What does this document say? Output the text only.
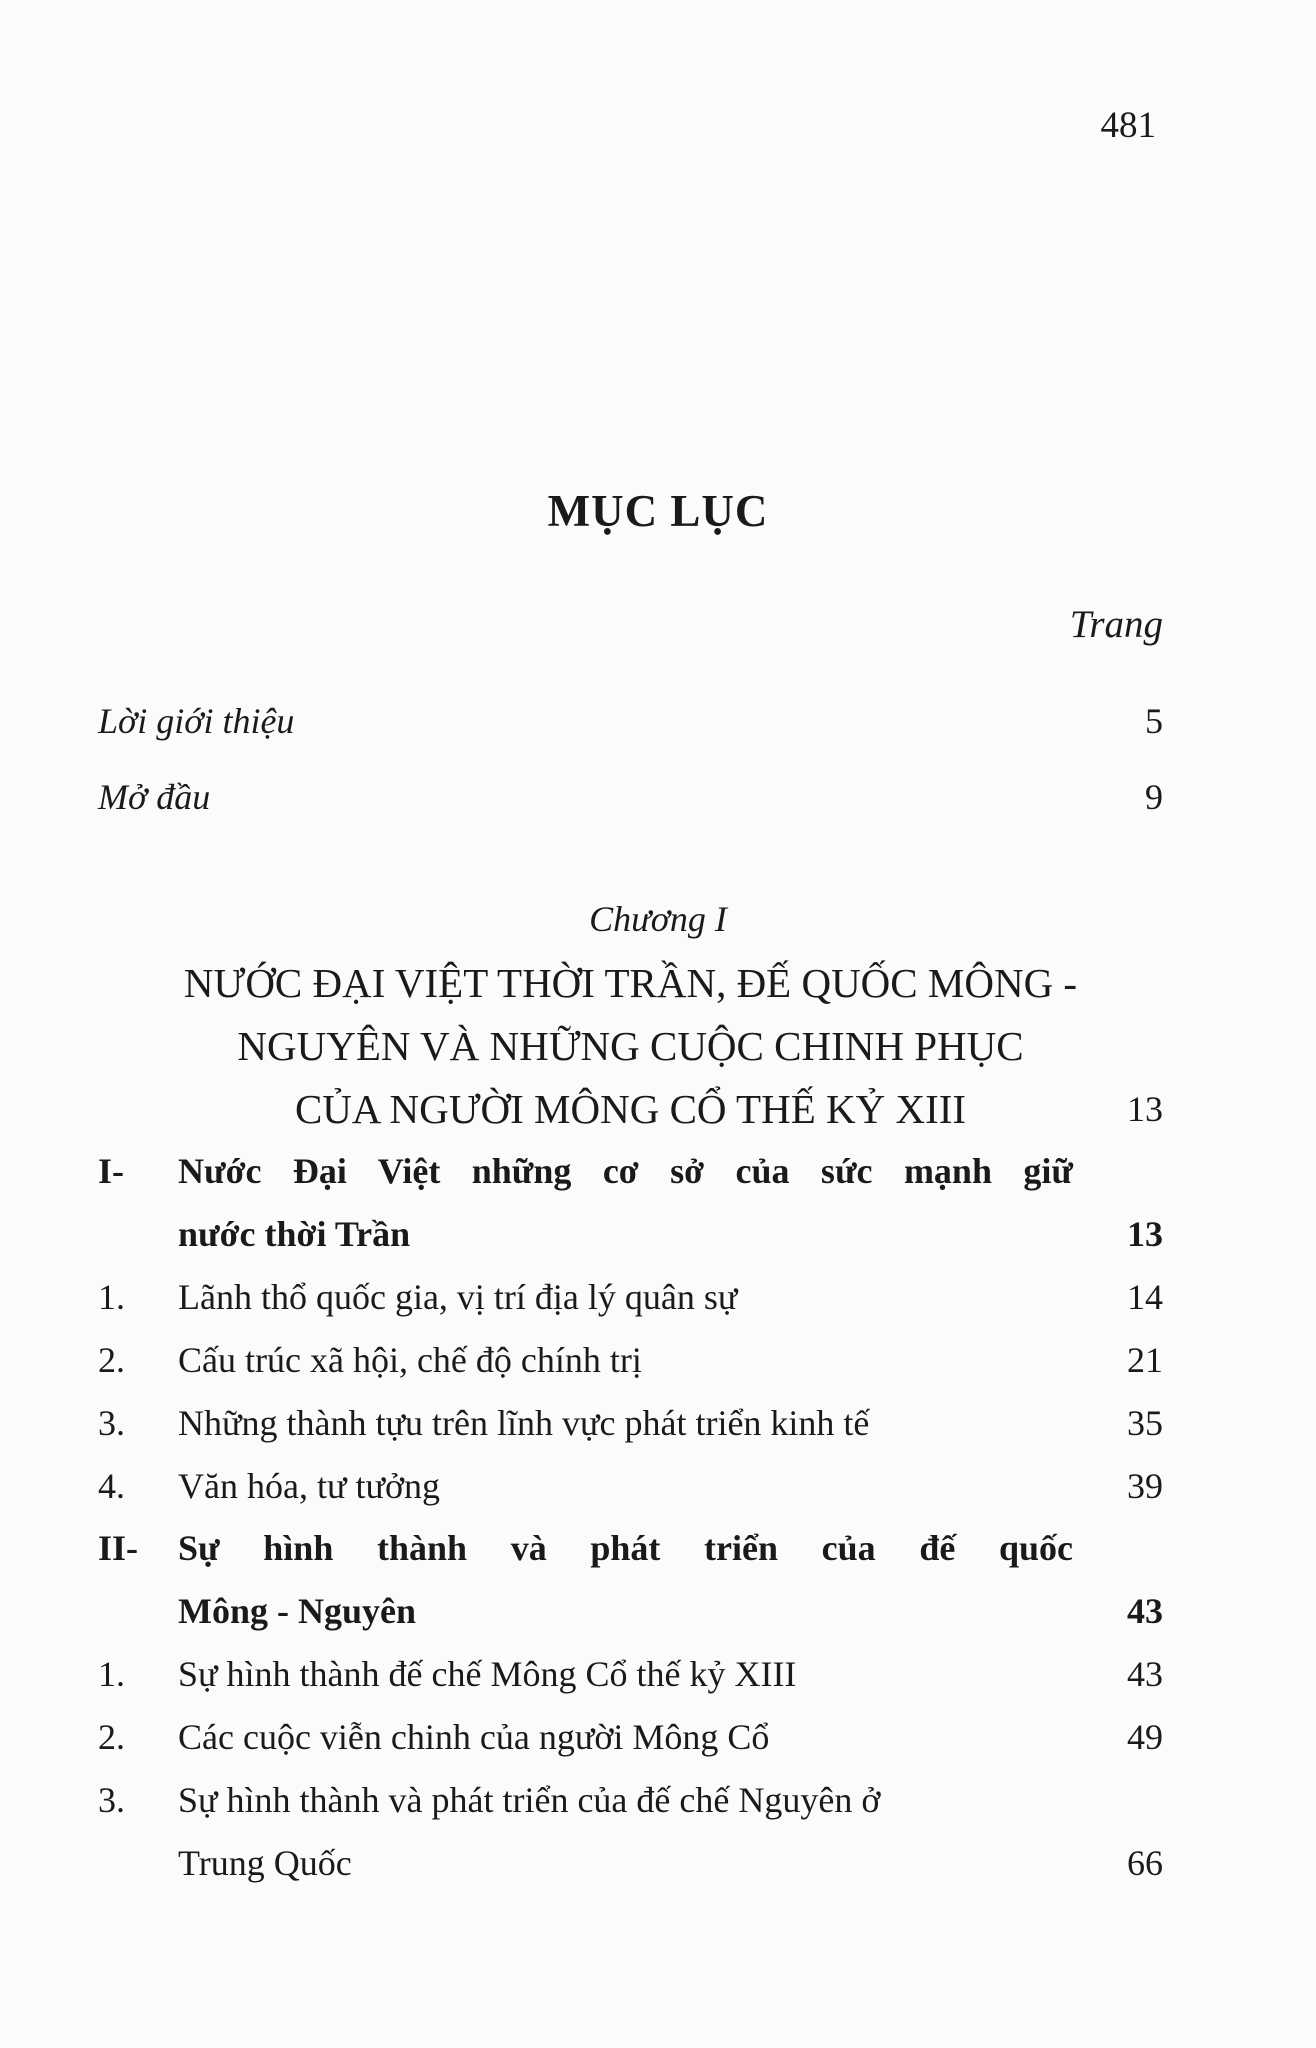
481
MỤC LỤC
Trang
Lời giới thiệu	5
Mở đầu	9
Chương I
NƯỚC ĐẠI VIỆT THỜI TRẦN, ĐẾ QUỐC MÔNG -
NGUYÊN VÀ NHỮNG CUỘC CHINH PHỤC
CỦA NGƯỜI MÔNG CỔ THẾ KỶ XIII	13
I- Nước Đại Việt những cơ sở của sức mạnh giữ
nước thời Trần	13
1. Lãnh thổ quốc gia, vị trí địa lý quân sự	14
2. Cấu trúc xã hội, chế độ chính trị	21
3. Những thành tựu trên lĩnh vực phát triển kinh tế	35
4. Văn hóa, tư tưởng	39
II- Sự hình thành và phát triển của đế quốc
Mông - Nguyên	43
1. Sự hình thành đế chế Mông Cổ thế kỷ XIII	43
2. Các cuộc viễn chinh của người Mông Cổ	49
3. Sự hình thành và phát triển của đế chế Nguyên ở
Trung Quốc	66
